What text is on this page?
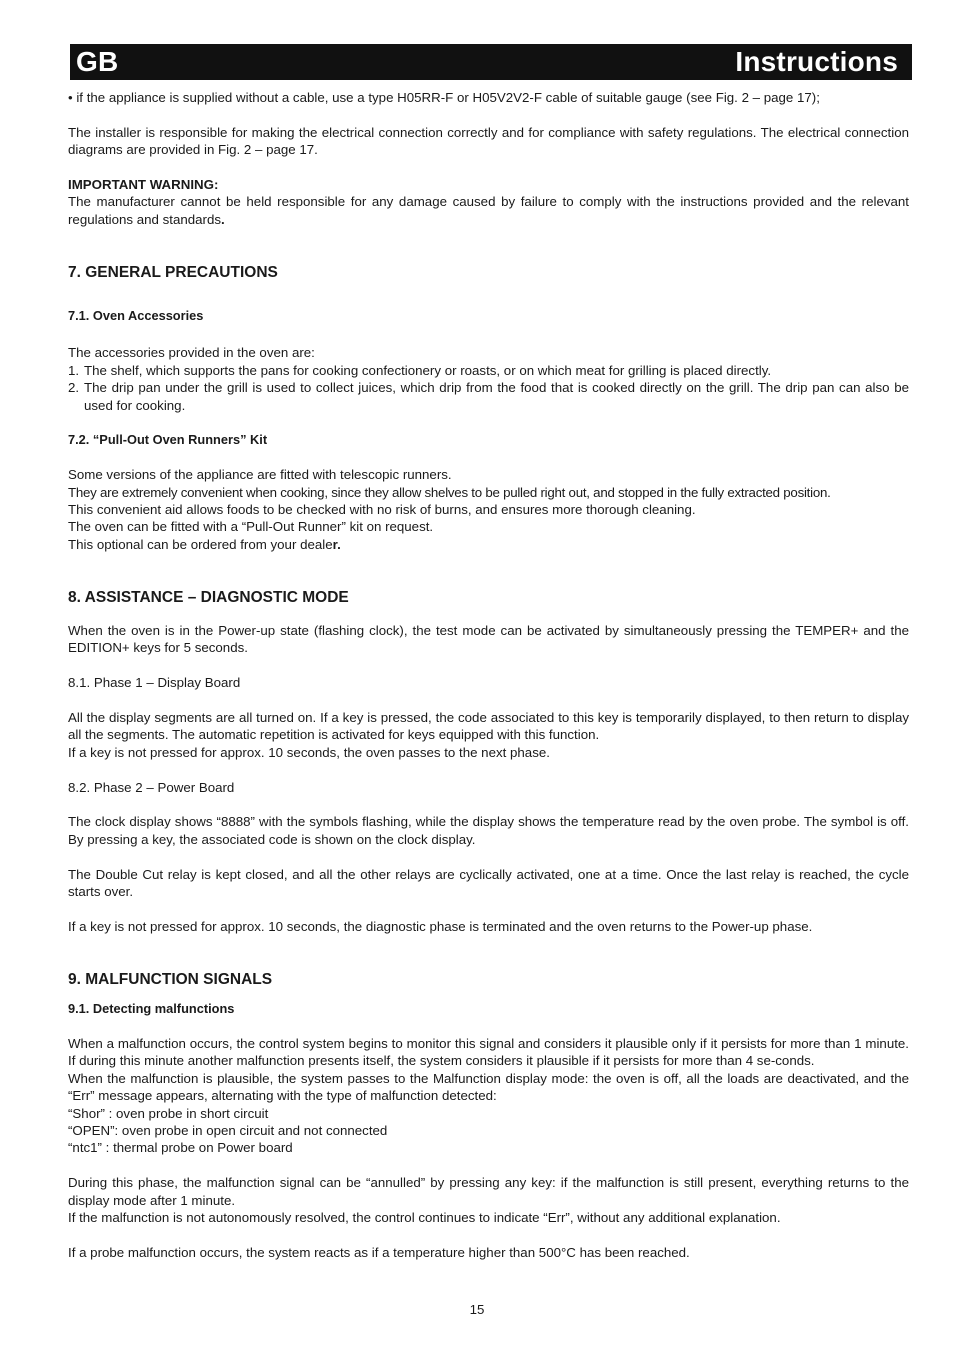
GB	Instructions

• if the appliance is supplied without a cable, use a type H05RR-F or H05V2V2-F cable of suitable gauge (see Fig. 2 – page 17);

The installer is responsible for making the electrical connection correctly and for compliance with safety regulations. The electrical connection diagrams are provided in Fig. 2 – page 17.

IMPORTANT WARNING:

The manufacturer cannot be held responsible for any damage caused by failure to comply with the instructions provided and the relevant regulations and standards.

7. GENERAL PRECAUTIONS

7.1. Oven Accessories

The accessories provided in the oven are:

1. The shelf, which supports the pans for cooking confectionery or roasts, or on which meat for grilling is placed directly.
2. The drip pan under the grill is used to collect juices, which drip from the food that is cooked directly on the grill. The drip pan can also be used for cooking.

7.2. “Pull-Out Oven Runners” Kit

Some versions of the appliance are fitted with telescopic runners.

They are extremely convenient when cooking, since they allow shelves to be pulled right out, and stopped in the fully extracted position.

This convenient aid allows foods to be checked with no risk of burns, and ensures more thorough cleaning.

The oven can be fitted with a “Pull-Out Runner” kit on request.

This optional can be ordered from your dealer.

8. ASSISTANCE – DIAGNOSTIC MODE

When the oven is in the Power-up state (flashing clock), the test mode can be activated by simultaneously pressing the TEMPER+ and the EDITION+ keys for 5 seconds.

8.1. Phase 1 – Display Board

All the display segments are all turned on. If a key is pressed, the code associated to this key is temporarily displayed, to then return to display all the segments. The automatic repetition is activated for keys equipped with this function.

If a key is not pressed for approx. 10 seconds, the oven passes to the next phase.

8.2. Phase 2 – Power Board

The clock display shows “8888” with the symbols flashing, while the display shows the temperature read by the oven probe. The symbol is off. By pressing a key, the associated code is shown on the clock display.

The Double Cut relay is kept closed, and all the other relays are cyclically activated, one at a time. Once the last relay is reached, the cycle starts over.

If a key is not pressed for approx. 10 seconds, the diagnostic phase is terminated and the oven returns to the Power-up phase.

9. MALFUNCTION SIGNALS

9.1. Detecting malfunctions

When a malfunction occurs, the control system begins to monitor this signal and considers it plausible only if it persists for more than 1 minute. If during this minute another malfunction presents itself, the system considers it plausible if it persists for more than 4 se-conds.

When the malfunction is plausible, the system passes to the Malfunction display mode: the oven is off, all the loads are deactivated, and the “Err” message appears, alternating with the type of malfunction detected:

“Shor” : oven probe in short circuit

“OPEN”: oven probe in open circuit and not connected

“ntc1” : thermal probe on Power board

During this phase, the malfunction signal can be “annulled” by pressing any key: if the malfunction is still present, everything returns to the display mode after 1 minute.

If the malfunction is not autonomously resolved, the control continues to indicate “Err”, without any additional explanation.

If a probe malfunction occurs, the system reacts as if a temperature higher than 500°C has been reached.

15
